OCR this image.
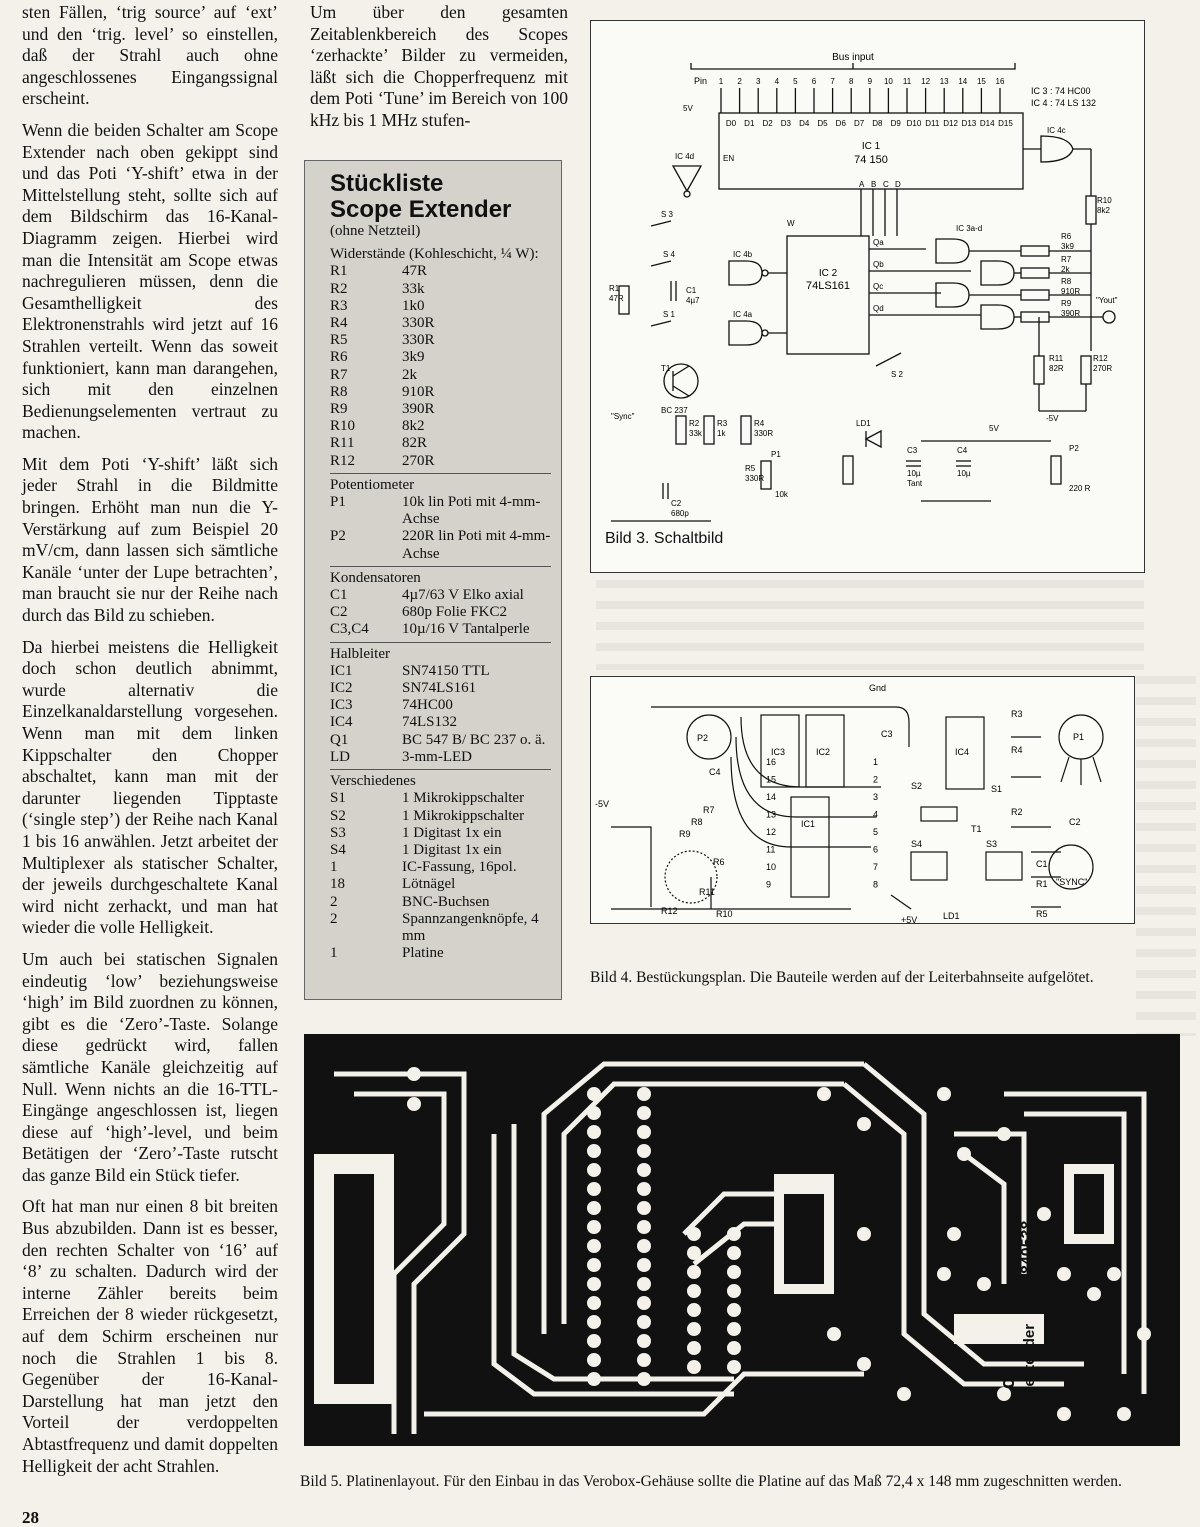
sten Fällen, ‘trig source’ auf ‘ext’ und den ‘trig. level’ so einstellen, daß der Strahl auch ohne angeschlossenes Eingangssignal erscheint.

Wenn die beiden Schalter am Scope Extender nach oben gekippt sind und das Poti ‘Y-shift’ etwa in der Mittelstellung steht, sollte sich auf dem Bildschirm das 16-Kanal-Diagramm zeigen. Hierbei wird man die Intensität am Scope etwas nachregulieren müssen, denn die Gesamthelligkeit des Elektronenstrahls wird jetzt auf 16 Strahlen verteilt. Wenn das soweit funktioniert, kann man darangehen, sich mit den einzelnen Bedienungselementen vertraut zu machen.

Mit dem Poti ‘Y-shift’ läßt sich jeder Strahl in die Bildmitte bringen. Erhöht man nun die Y-Verstärkung auf zum Beispiel 20 mV/cm, dann lassen sich sämtliche Kanäle ‘unter der Lupe betrachten’, man braucht sie nur der Reihe nach durch das Bild zu schieben.

Da hierbei meistens die Helligkeit doch schon deutlich abnimmt, wurde alternativ die Einzelkanaldarstellung vorgesehen. Wenn man mit dem linken Kippschalter den Chopper abschaltet, kann man mit der darunter liegenden Tipptaste (‘single step’) der Reihe nach Kanal 1 bis 16 anwählen. Jetzt arbeitet der Multiplexer als statischer Schalter, der jeweils durchgeschaltete Kanal wird nicht zerhackt, und man hat wieder die volle Helligkeit.

Um auch bei statischen Signalen eindeutig ‘low’ beziehungsweise ‘high’ im Bild zuordnen zu können, gibt es die ‘Zero’-Taste. Solange diese gedrückt wird, fallen sämtliche Kanäle gleichzeitig auf Null. Wenn nichts an die 16-TTL-Eingänge angeschlossen ist, liegen diese auf ‘high’-level, und beim Betätigen der ‘Zero’-Taste rutscht das ganze Bild ein Stück tiefer.

Oft hat man nur einen 8 bit breiten Bus abzubilden. Dann ist es besser, den rechten Schalter von ‘16’ auf ‘8’ zu schalten. Dadurch wird der interne Zähler bereits beim Erreichen der 8 wieder rückgesetzt, auf dem Schirm erscheinen nur noch die Strahlen 1 bis 8. Gegenüber der 16-Kanal-Darstellung hat man jetzt den Vorteil der verdoppelten Abtastfrequenz und damit doppelten Helligkeit der acht Strahlen.

28

Um über den gesamten Zeitablenkbereich des Scopes ‘zerhackte’ Bilder zu vermeiden, läßt sich die Chopperfrequenz mit dem Poti ‘Tune’ im Bereich von 100 kHz bis 1 MHz stufen-

Stückliste
Scope Extender
(ohne Netzteil)
Widerstände (Kohleschicht, ¼ W):
R1	47R
R2	33k
R3	1k0
R4	330R
R5	330R
R6	3k9
R7	2k
R8	910R
R9	390R
R10	8k2
R11	82R
R12	270R
Potentiometer
P1	10k lin Poti mit 4-mm-Achse
P2	220R lin Poti mit 4-mm-Achse
Kondensatoren
C1	4µ7/63 V Elko axial
C2	680p Folie FKC2
C3,C4	10µ/16 V Tantalperle
Halbleiter
IC1	SN74150 TTL
IC2	SN74LS161
IC3	74HC00
IC4	74LS132
Q1	BC 547 B/ BC 237 o. ä.
LD	3-mm-LED
Verschiedenes
S1	1 Mikrokippschalter
S2	1 Mikrokippschalter
S3	1 Digitast 1x ein
S4	1 Digitast 1x ein
1	IC-Fassung, 16pol.
18	Lötnägel
2	BNC-Buchsen
2	Spannzangenknöpfe, 4 mm
1	Platine
Bus input
Pin 1 2 3 4 5 6 7 8 9 10 11 12 13 14 15 16
D0 D1 D2 D3 D4 D5 D6 D7 D8 D9 D10 D11 D12 D13 D14 D15
IC 3 : 74 HC00
IC 4 : 74 LS 132
IC 1
74 150
IC 2
74LS161
5V
EN
IC 4d
IC 4b
IC 4a
IC 4c
IC 3a-d
S 3
S 4
S 1
S 2
T1
BC 237
"Sync"
"Yout"
LD1
C1
4µ7
C2
680p
C3
10µ
Tant
C4
10µ
P1
10k
P2
220 R
R1
47R
R2
33k
R3
1k
R4
330R
R5
330R
R6
3k9
R7
2k
R8
910R
R9
390R
R10
8k2
R11
82R
R12
270R
A B C D
W
Qa
Qb
Qc
Qd
-5V
5V
Bild 3. Schaltbild
Gnd
P2
IC3	IC2	IC4
C3
C4
IC1
S2	S1
S3
S4
LD1
P1
R3
R4
C2
R2
T1
C1
R1
R5
"SYNC"
R9
R8
R7
R6
R11
R12	R10
-5V
+5V
1
2
3
4
5
6
7
8
16
15
14
13
12
11
10
9
Bild 4. Bestückungsplan. Die Bauteile werden auf der Leiterbahnseite aufgelötet.
840538
c't scope extender
Bild 5. Platinenlayout. Für den Einbau in das Verobox-Gehäuse sollte die Platine auf das Maß 72,4 x 148 mm zugeschnitten werden.
